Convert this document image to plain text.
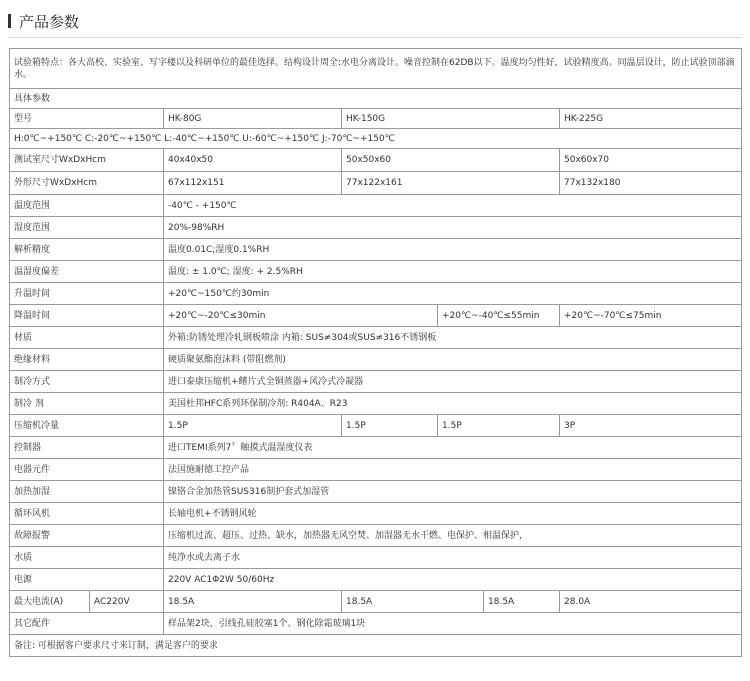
产品参数
试验箱特点：各大高校、实验室、写字楼以及科研单位的最佳选择。结构设计周全:水电分离设计。噪音控制在62DB以下。温度均匀性好，试验精度高。同温层设计，防止试验顶部滴水。						
具体参数						
型号		HK-80G	HK-150G			HK-225G
H:0℃~+150℃ C:-20℃~+150℃ L:-40℃~+150℃ U:-60℃~+150℃ J:-70℃~+150℃						
测试室尺寸WxDxHcm		40x40x50	50x50x60			50x60x70
外形尺寸WxDxHcm		67x112x151	77x122x161			77x132x180
温度范围		-40℃ - +150℃				
湿度范围		20%-98%RH				
解析精度		温度0.01C;湿度0.1%RH				
温湿度偏差		温度: ± 1.0℃; 湿度: + 2.5%RH				
升温时间		+20℃~150℃约30min				
降温时间		+20℃~-20℃≤30min		+20℃~-40℃≤55min		+20℃~-70℃≤75min
材质		外箱:防锈处理冷轧钢板喷涂 内箱: SUS≠304或SUS≠316不锈钢板				
绝缘材料		硬质聚氨酯泡沫料 (带阻燃剂)				
制冷方式		进口泰康压缩机+鳍片式全铜蒸器+风冷式冷凝器				
制冷 剂		美国杜邦HFC系列环保制冷剂: R404A、R23				
压缩机冷量		1.5P	1.5P	1.5P		3P
控制器		进口TEMI系列7〞触摸式温湿度仪表				
电器元件		法国施耐德工控产品				
加热加湿		镍铬合金加热管SUS316制护套式加湿管				
循环风机		长轴电机+不锈钢风轮				
故障报警		压缩机过流、超压、过热、缺水，加热器无风空焚、加湿器无水干燃、电保护、相温保护，				
水质		纯净水或去离子水				
电源		220V AC1Φ2W 50/60Hz				
最大电流(A)	AC220V	18.5A	18.5A		18.5A	28.0A
其它配件		样品架2块，引线孔硅胶塞1个。钢化除霜玻璃1块				
备注: 可根据客户要求尺寸来订制，满足客户的要求						
